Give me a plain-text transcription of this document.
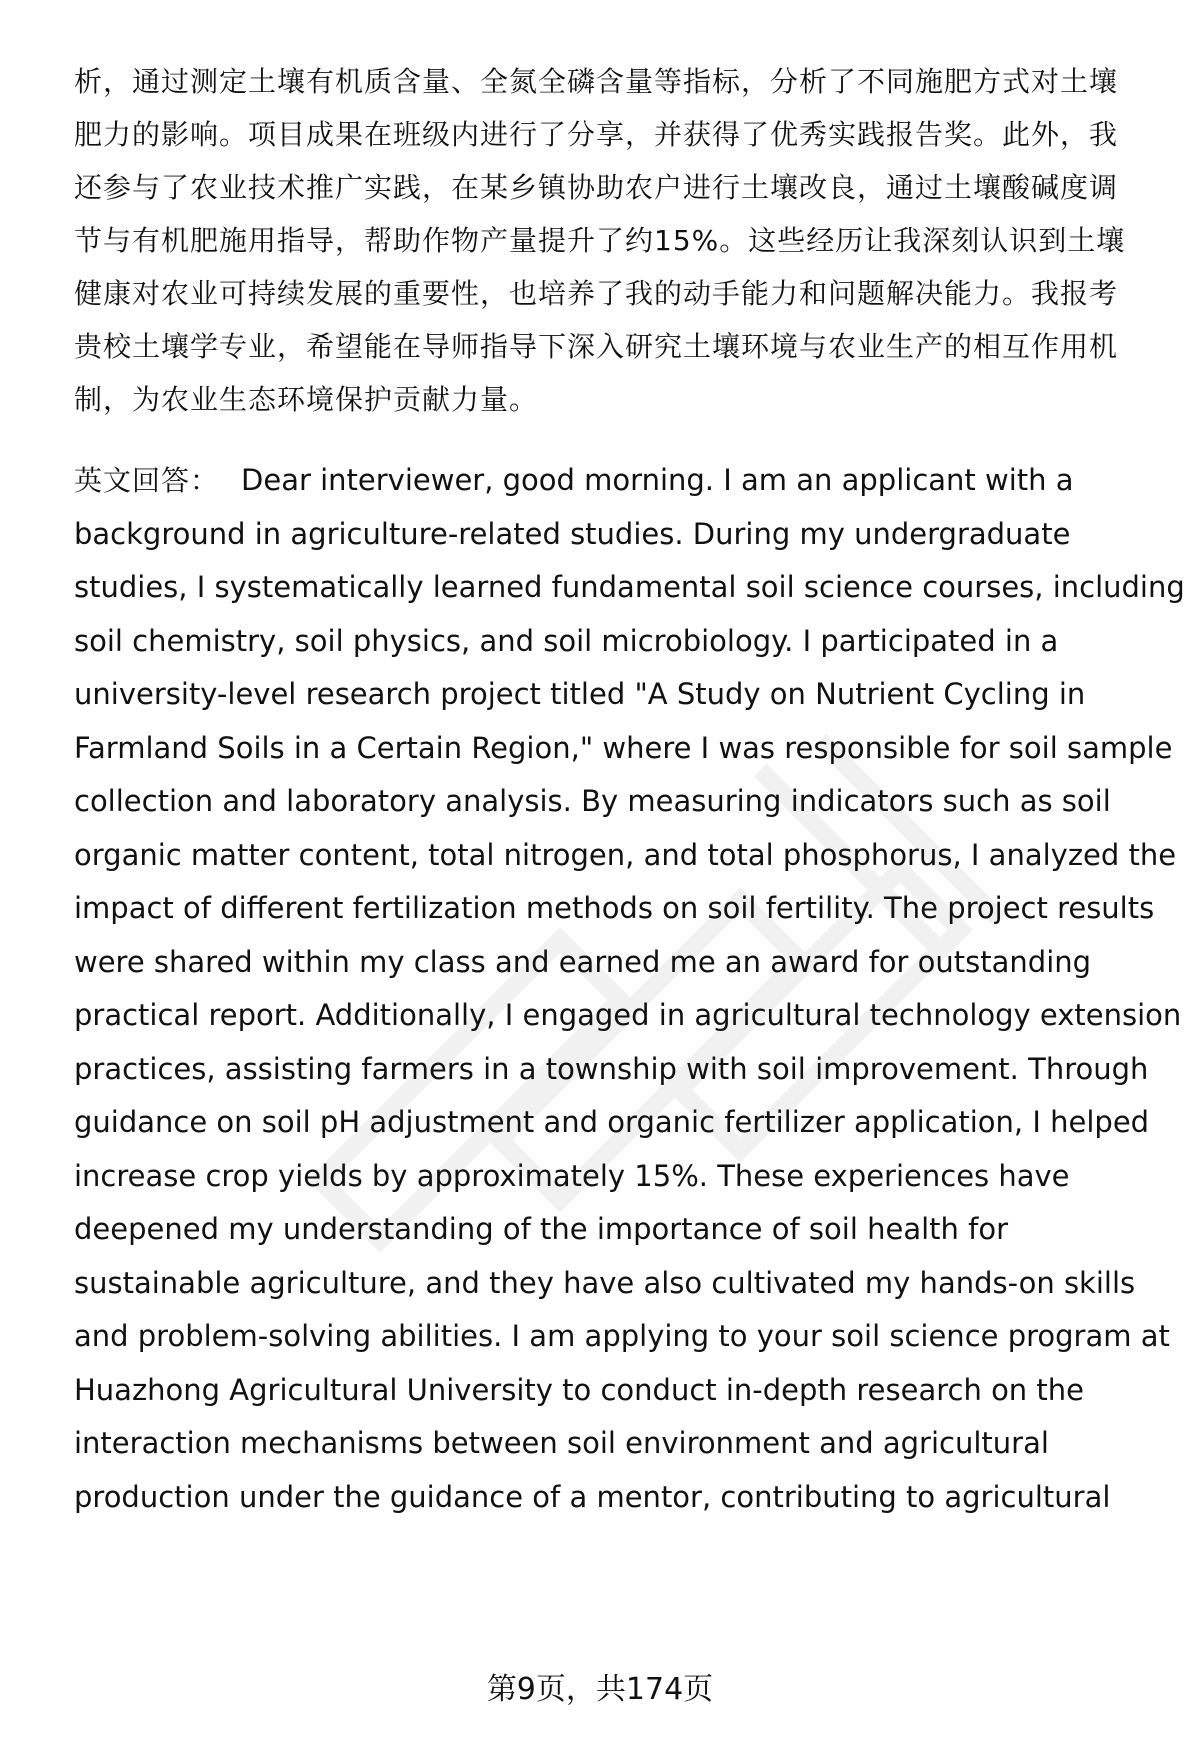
析，通过测定土壤有机质含量、全氮全磷含量等指标，分析了不同施肥方式对土壤
肥力的影响。项目成果在班级内进行了分享，并获得了优秀实践报告奖。此外，我
还参与了农业技术推广实践，在某乡镇协助农户进行土壤改良，通过土壤酸碱度调
节与有机肥施用指导，帮助作物产量提升了约15%。这些经历让我深刻认识到土壤
健康对农业可持续发展的重要性，也培养了我的动手能力和问题解决能力。我报考
贵校土壤学专业，希望能在导师指导下深入研究土壤环境与农业生产的相互作用机
制，为农业生态环境保护贡献力量。
英文回答： Dear interviewer, good morning. I am an applicant with a
background in agriculture-related studies. During my undergraduate
studies, I systematically learned fundamental soil science courses, including
soil chemistry, soil physics, and soil microbiology. I participated in a
university-level research project titled "A Study on Nutrient Cycling in
Farmland Soils in a Certain Region," where I was responsible for soil sample
collection and laboratory analysis. By measuring indicators such as soil
organic matter content, total nitrogen, and total phosphorus, I analyzed the
impact of different fertilization methods on soil fertility. The project results
were shared within my class and earned me an award for outstanding
practical report. Additionally, I engaged in agricultural technology extension
practices, assisting farmers in a township with soil improvement. Through
guidance on soil pH adjustment and organic fertilizer application, I helped
increase crop yields by approximately 15%. These experiences have
deepened my understanding of the importance of soil health for
sustainable agriculture, and they have also cultivated my hands-on skills
and problem-solving abilities. I am applying to your soil science program at
Huazhong Agricultural University to conduct in-depth research on the
interaction mechanisms between soil environment and agricultural
production under the guidance of a mentor, contributing to agricultural
第9页，共174页
